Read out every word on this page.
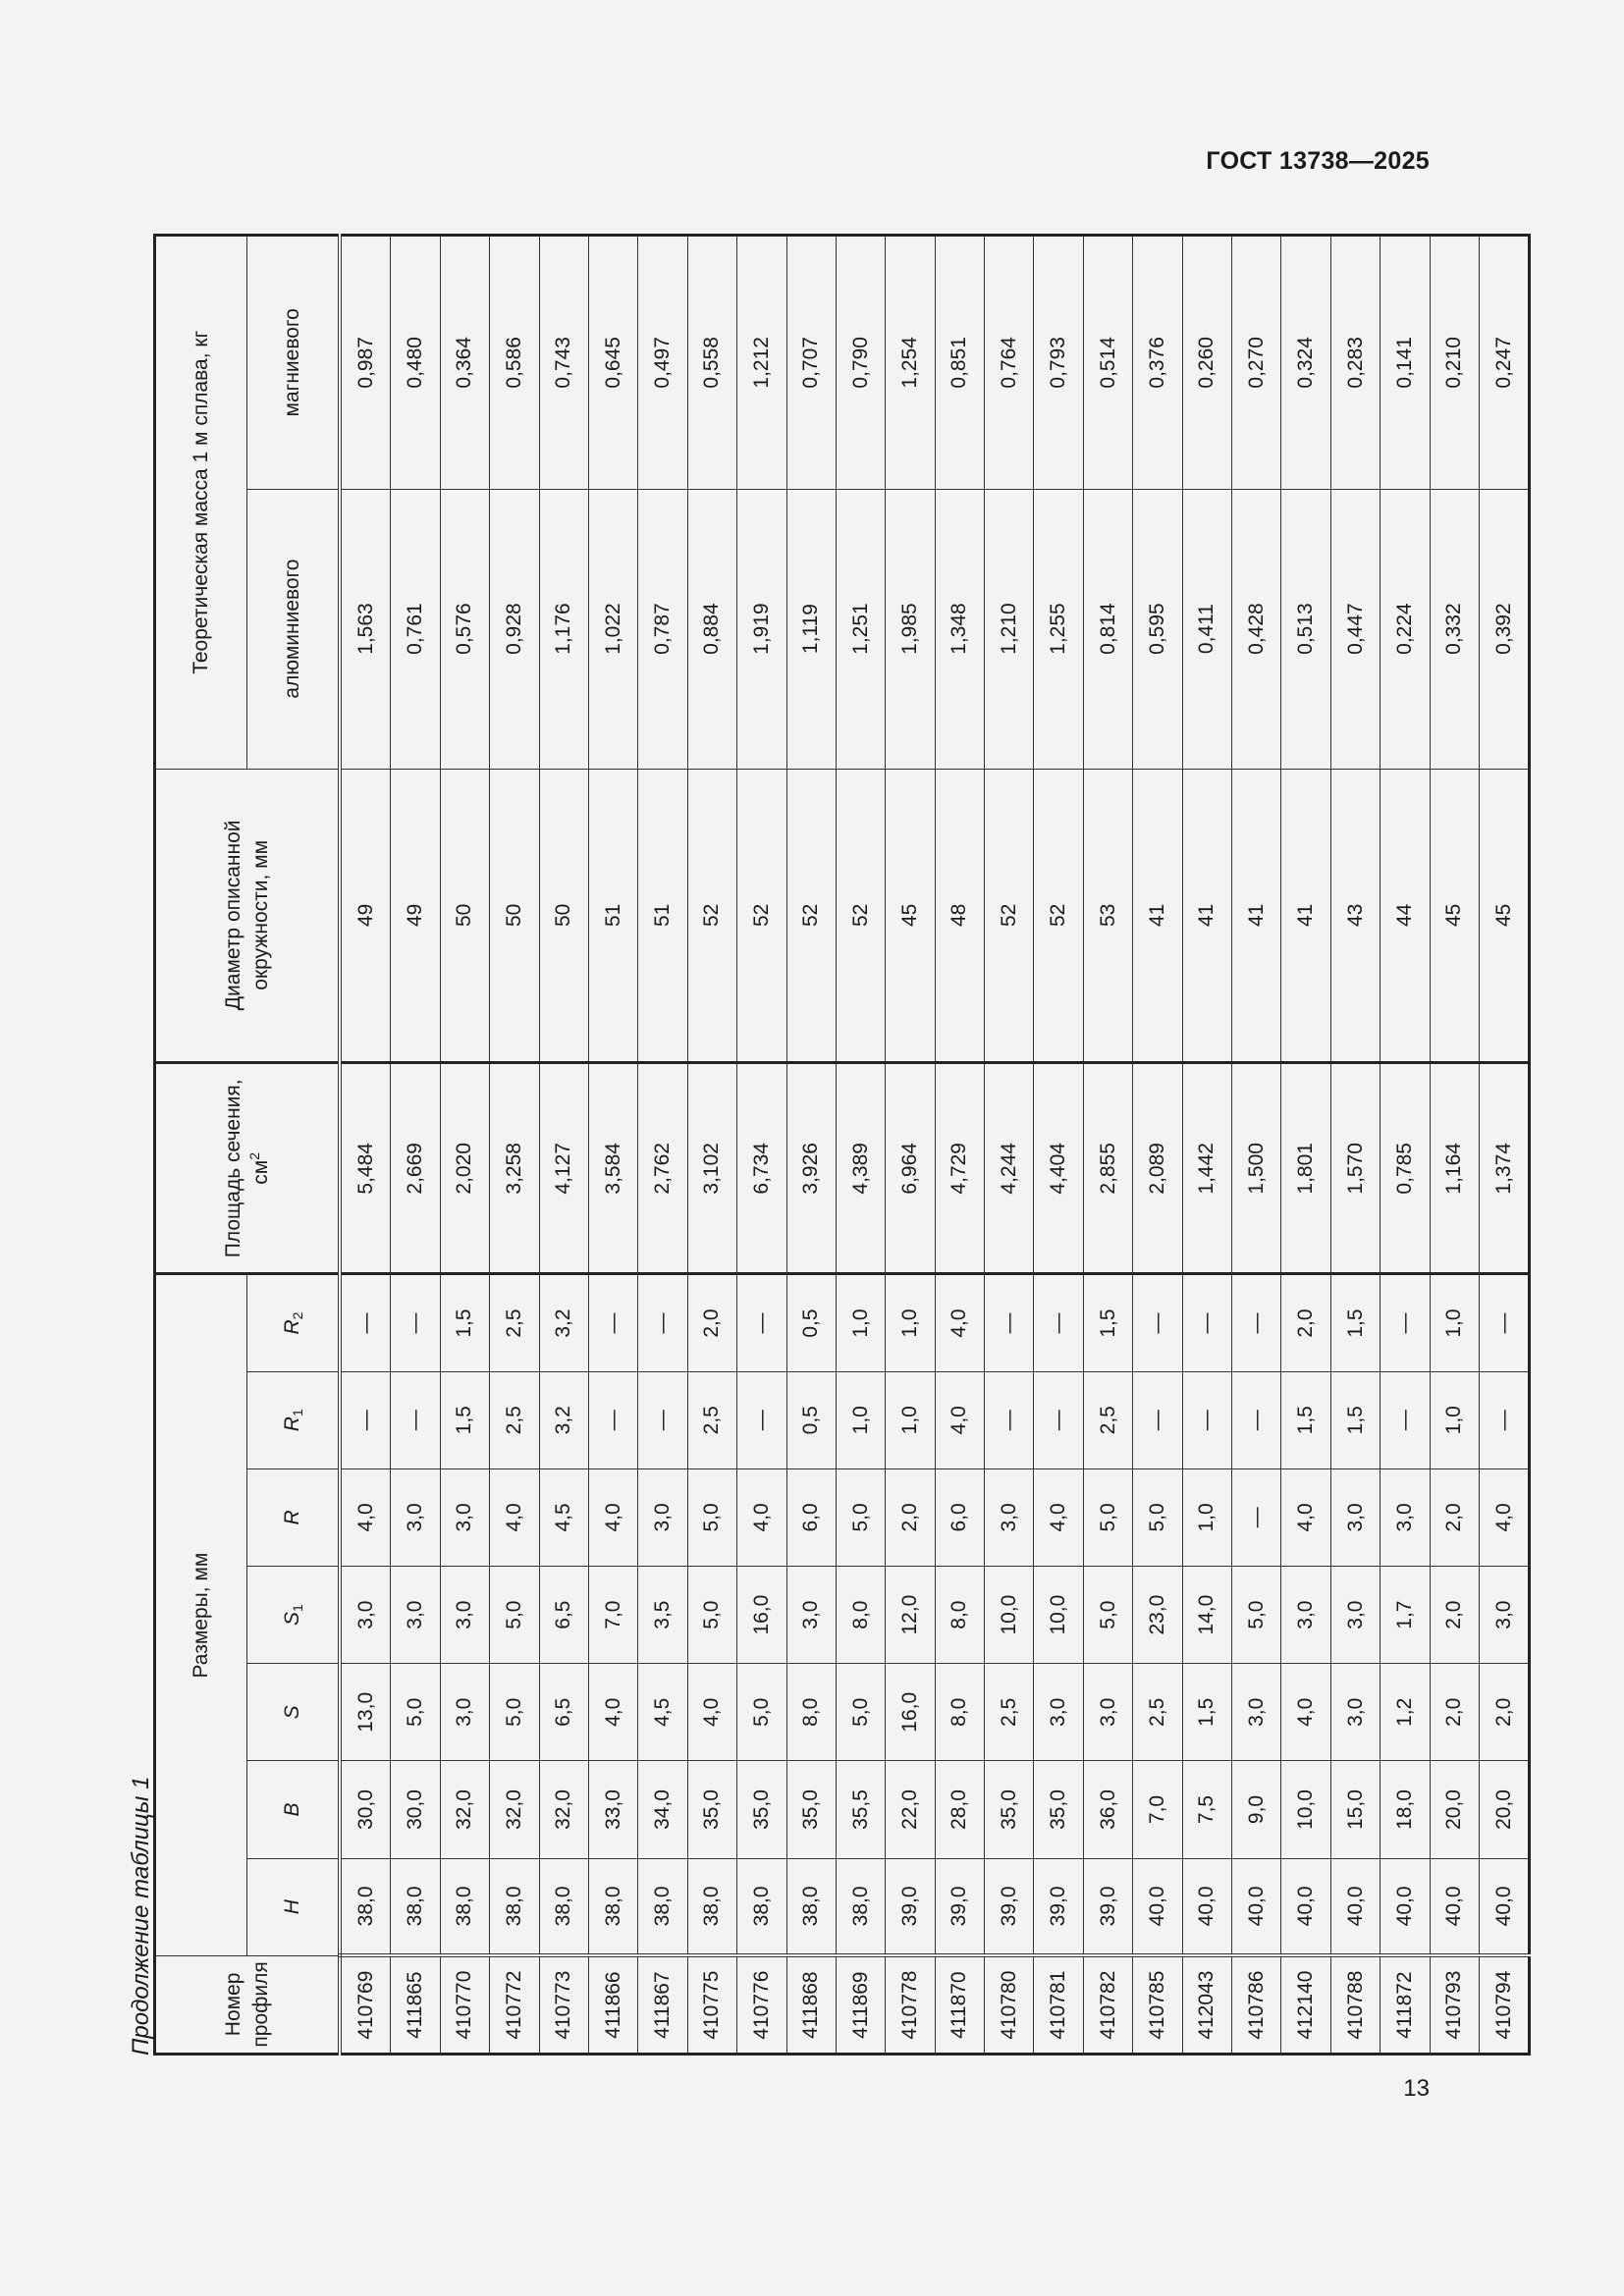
ГОСТ 13738—2025
Продолжение таблицы 1	Номер профиля	Размеры, мм							Площадь сечения, $см^2$	Диаметр описанной окружности, мм	Теоретическая масса 1 м сплава, кг	
	H	B	S	$S_1$	R	$R_1$	$R_2$			алюминиевого	магниевого
410769	38,0	30,0	13,0	3,0	4,0	—	—	5,484	49	1,563	0,987
411865	38,0	30,0	5,0	3,0	3,0	—	—	2,669	49	0,761	0,480
410770	38,0	32,0	3,0	3,0	3,0	1,5	1,5	2,020	50	0,576	0,364
410772	38,0	32,0	5,0	5,0	4,0	2,5	2,5	3,258	50	0,928	0,586
410773	38,0	32,0	6,5	6,5	4,5	3,2	3,2	4,127	50	1,176	0,743
411866	38,0	33,0	4,0	7,0	4,0	—	—	3,584	51	1,022	0,645
411867	38,0	34,0	4,5	3,5	3,0	—	—	2,762	51	0,787	0,497
410775	38,0	35,0	4,0	5,0	5,0	2,5	2,0	3,102	52	0,884	0,558
410776	38,0	35,0	5,0	16,0	4,0	—	—	6,734	52	1,919	1,212
411868	38,0	35,0	8,0	3,0	6,0	0,5	0,5	3,926	52	1,119	0,707
411869	38,0	35,5	5,0	8,0	5,0	1,0	1,0	4,389	52	1,251	0,790
410778	39,0	22,0	16,0	12,0	2,0	1,0	1,0	6,964	45	1,985	1,254
411870	39,0	28,0	8,0	8,0	6,0	4,0	4,0	4,729	48	1,348	0,851
410780	39,0	35,0	2,5	10,0	3,0	—	—	4,244	52	1,210	0,764
410781	39,0	35,0	3,0	10,0	4,0	—	—	4,404	52	1,255	0,793
410782	39,0	36,0	3,0	5,0	5,0	2,5	1,5	2,855	53	0,814	0,514
410785	40,0	7,0	2,5	23,0	5,0	—	—	2,089	41	0,595	0,376
412043	40,0	7,5	1,5	14,0	1,0	—	—	1,442	41	0,411	0,260
410786	40,0	9,0	3,0	5,0	—	—	—	1,500	41	0,428	0,270
412140	40,0	10,0	4,0	3,0	4,0	1,5	2,0	1,801	41	0,513	0,324
410788	40,0	15,0	3,0	3,0	3,0	1,5	1,5	1,570	43	0,447	0,283
411872	40,0	18,0	1,2	1,7	3,0	—	—	0,785	44	0,224	0,141
410793	40,0	20,0	2,0	2,0	2,0	1,0	1,0	1,164	45	0,332	0,210
410794	40,0	20,0	2,0	3,0	4,0	—	—	1,374	45	0,392	0,247
13
